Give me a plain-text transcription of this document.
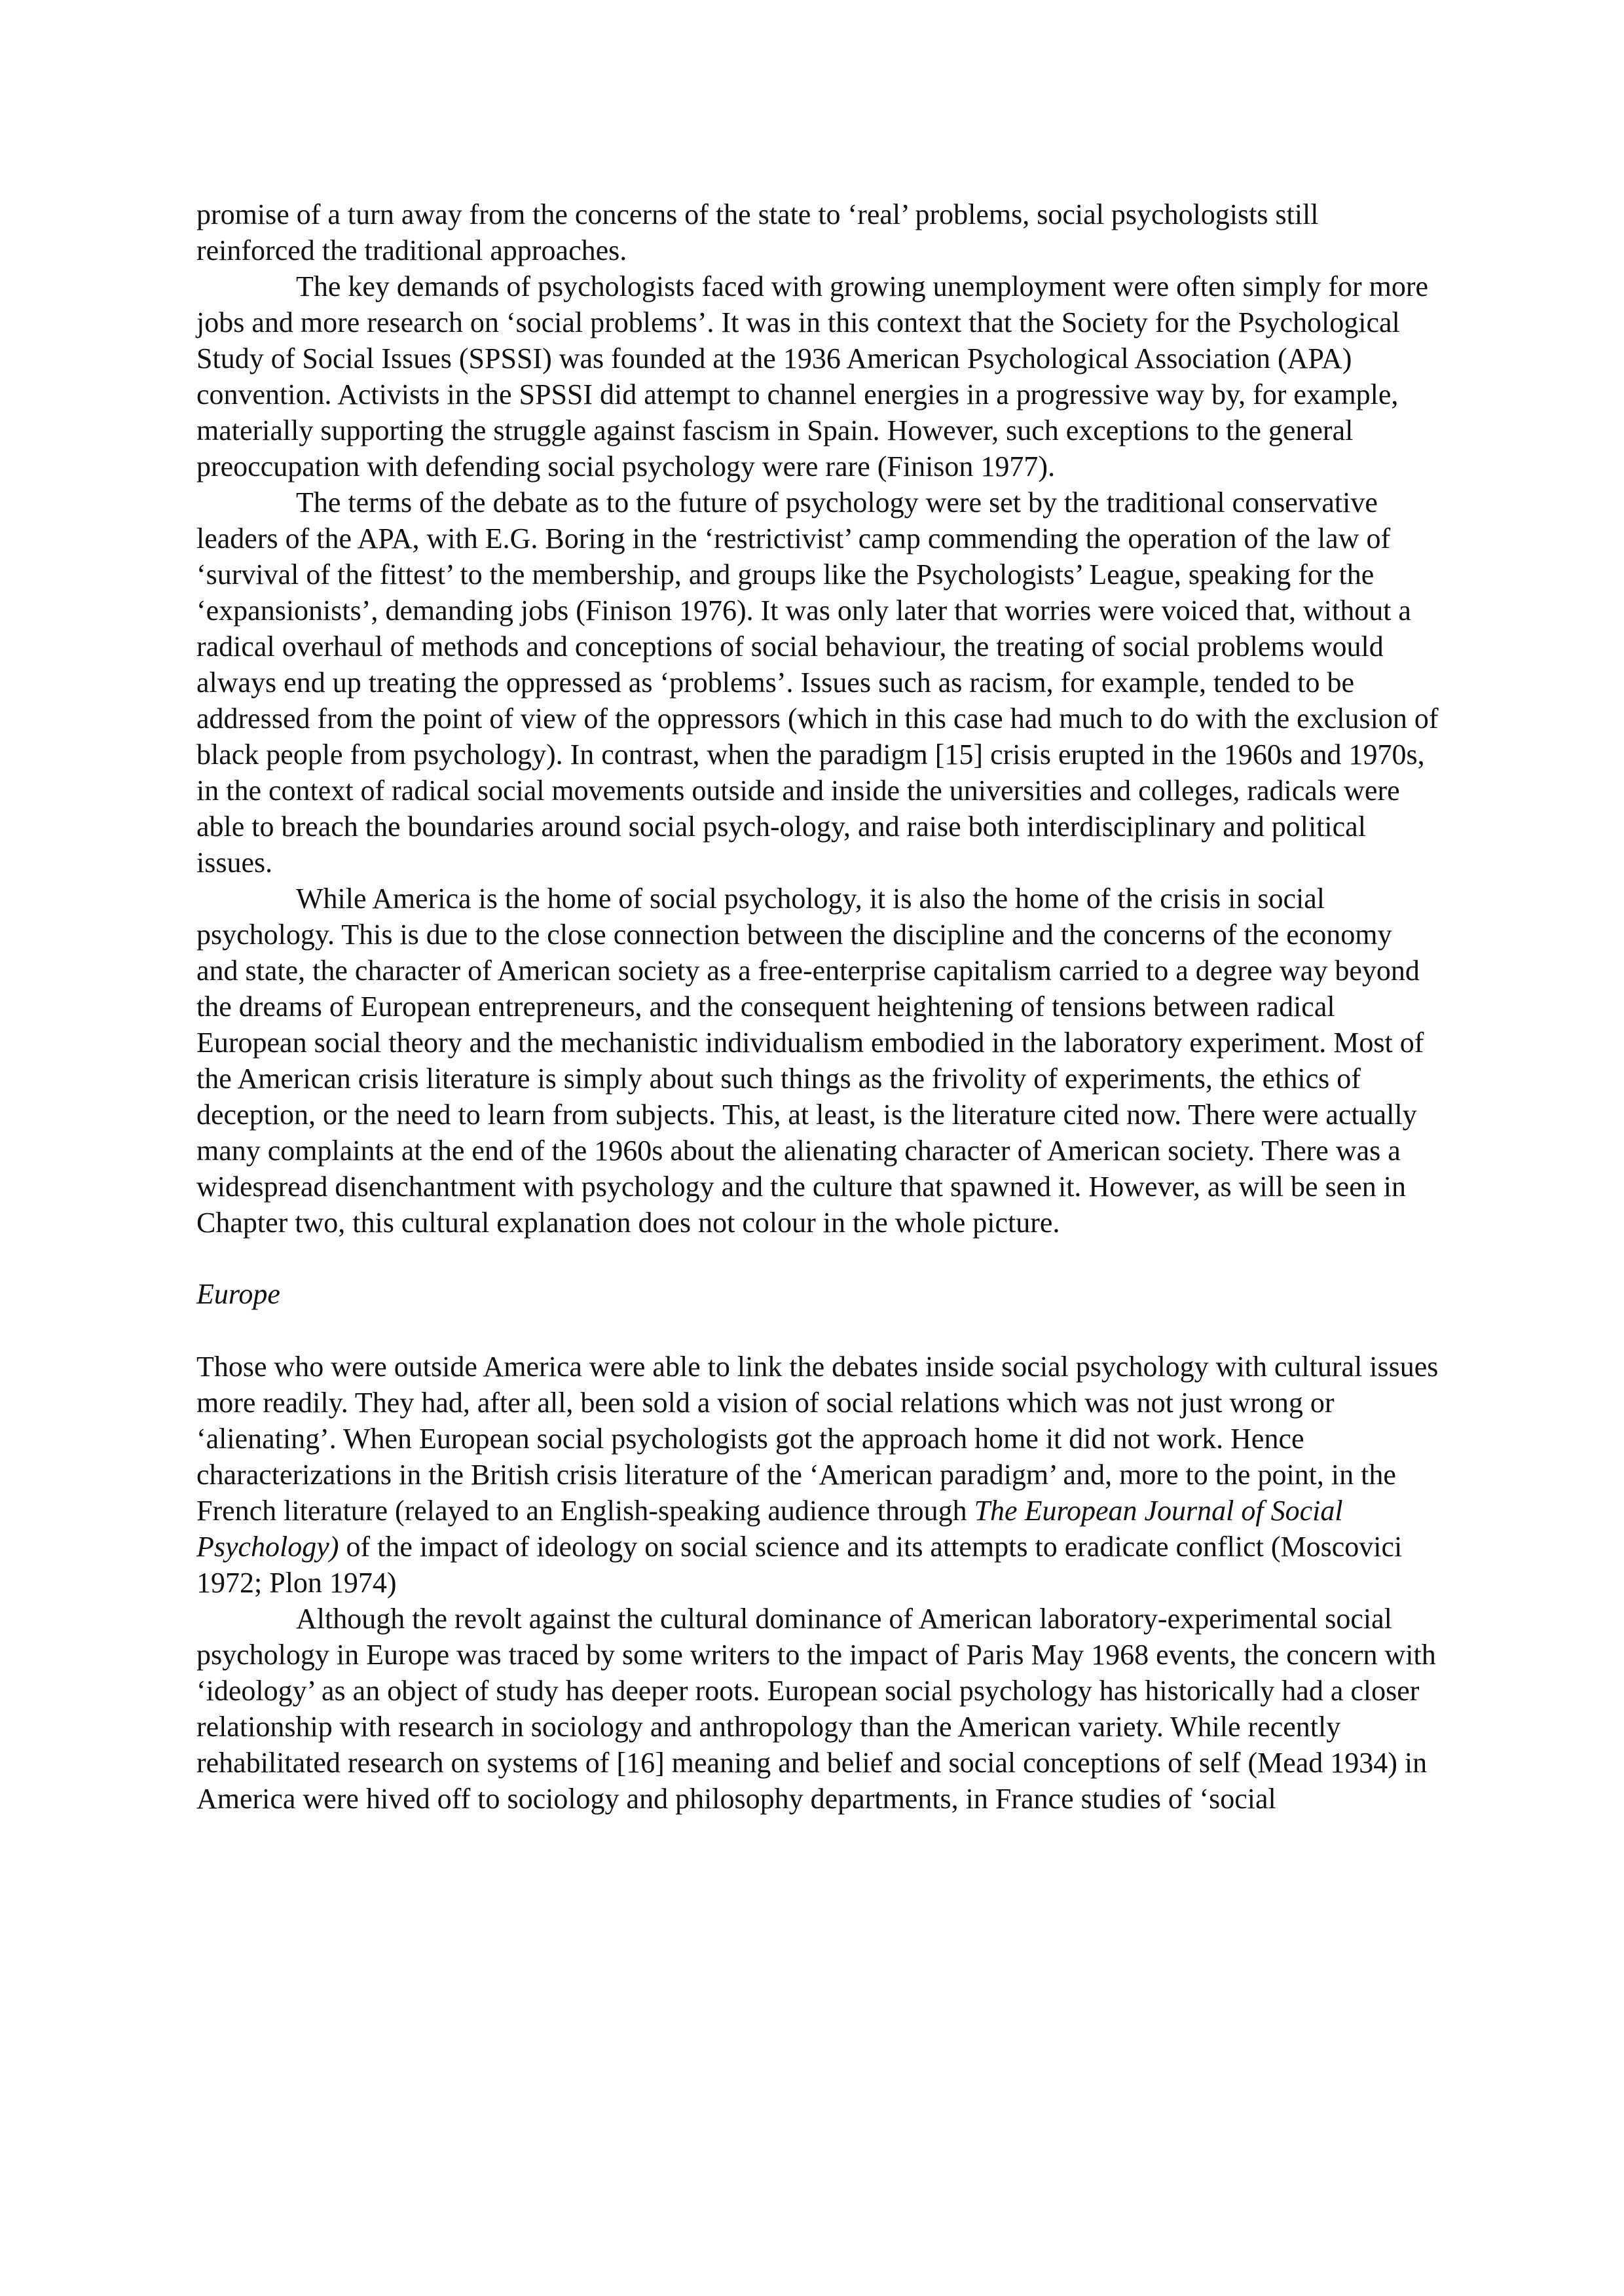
promise of a turn away from the concerns of the state to ‘real’ problems, social psychologists still reinforced the traditional approaches.

The key demands of psychologists faced with growing unemployment were often simply for more jobs and more research on ‘social problems’. It was in this context that the Society for the Psychological Study of Social Issues (SPSSI) was founded at the 1936 American Psychological Association (APA) convention. Activists in the SPSSI did attempt to channel energies in a progressive way by, for example, materially supporting the struggle against fascism in Spain. However, such exceptions to the general preoccupation with defending social psychology were rare (Finison 1977).

The terms of the debate as to the future of psychology were set by the traditional conservative leaders of the APA, with E.G. Boring in the ‘restrictivist’ camp commending the operation of the law of ‘survival of the fittest’ to the membership, and groups like the Psychologists’ League, speaking for the ‘expansionists’, demanding jobs (Finison 1976). It was only later that worries were voiced that, without a radical overhaul of methods and conceptions of social behaviour, the treating of social problems would always end up treating the oppressed as ‘problems’. Issues such as racism, for example, tended to be addressed from the point of view of the oppressors (which in this case had much to do with the exclusion of black people from psychology). In contrast, when the paradigm [15] crisis erupted in the 1960s and 1970s, in the context of radical social movements outside and inside the universities and colleges, radicals were able to breach the boundaries around social psych-ology, and raise both interdisciplinary and political issues.

While America is the home of social psychology, it is also the home of the crisis in social psychology. This is due to the close connection between the discipline and the concerns of the economy and state, the character of American society as a free-enterprise capitalism carried to a degree way beyond the dreams of European entrepreneurs, and the consequent heightening of tensions between radical European social theory and the mechanistic individualism embodied in the laboratory experiment. Most of the American crisis literature is simply about such things as the frivolity of experiments, the ethics of deception, or the need to learn from subjects. This, at least, is the literature cited now. There were actually many complaints at the end of the 1960s about the alienating character of American society. There was a widespread disenchantment with psychology and the culture that spawned it. However, as will be seen in Chapter two, this cultural explanation does not colour in the whole picture.

Europe

Those who were outside America were able to link the debates inside social psychology with cultural issues more readily. They had, after all, been sold a vision of social relations which was not just wrong or ‘alienating’. When European social psychologists got the approach home it did not work. Hence characterizations in the British crisis literature of the ‘American paradigm’ and, more to the point, in the French literature (relayed to an English-speaking audience through The European Journal of Social Psychology) of the impact of ideology on social science and its attempts to eradicate conflict (Moscovici 1972; Plon 1974)

Although the revolt against the cultural dominance of American laboratory-experimental social psychology in Europe was traced by some writers to the impact of Paris May 1968 events, the concern with ‘ideology’ as an object of study has deeper roots. European social psychology has historically had a closer relationship with research in sociology and anthropology than the American variety. While recently rehabilitated research on systems of [16] meaning and belief and social conceptions of self (Mead 1934) in America were hived off to sociology and philosophy departments, in France studies of ‘social
